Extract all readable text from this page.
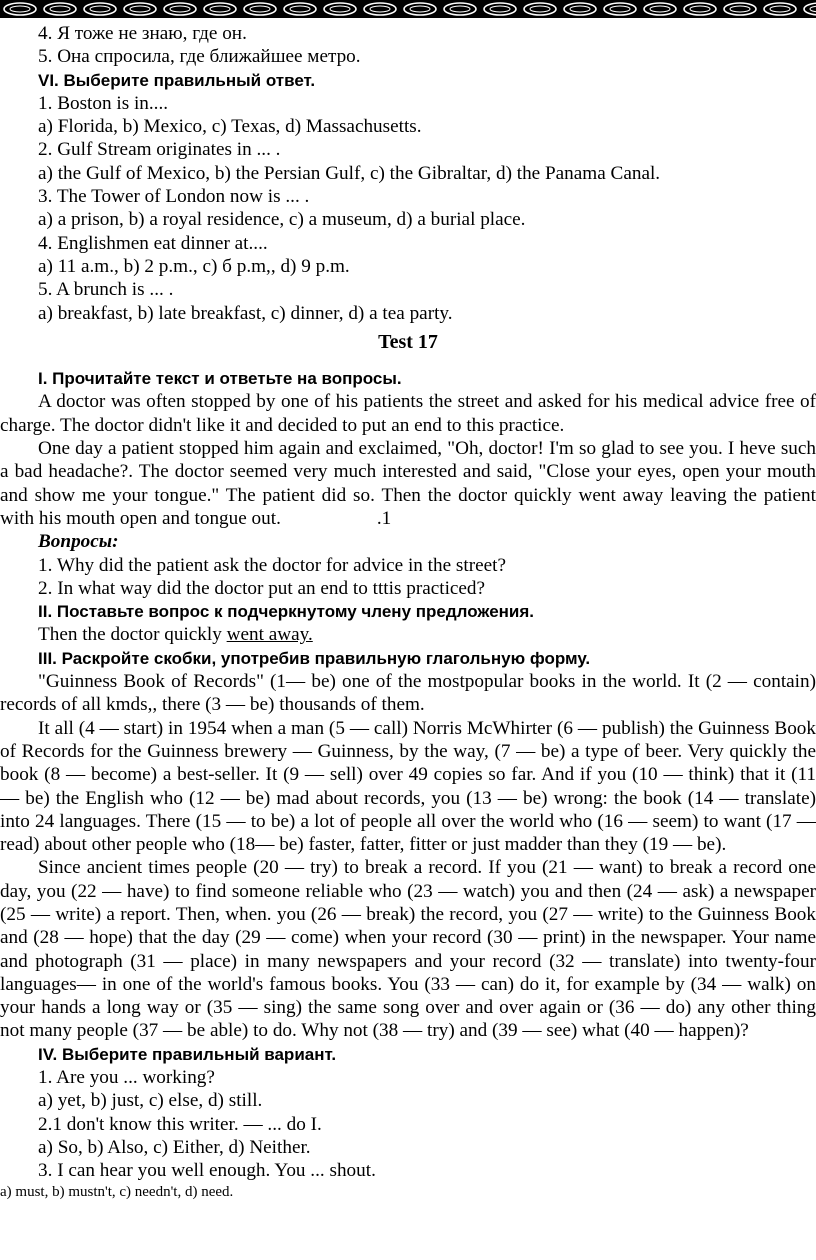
4. Я тоже не знаю, где он.
5. Она спросила, где ближайшее метро.
VI. Выберите правильный ответ.
1. Boston is in....
a) Florida, b) Mexico, c) Texas, d) Massachusetts.
2. Gulf Stream originates in ... .
a) the Gulf of Mexico, b) the Persian Gulf, c) the Gibraltar, d) the Panama Canal.
3. The Tower of London now is ... .
a) a prison, b) a royal residence, c) a museum, d) a burial place.
4. Englishmen eat dinner at....
a) 11 a.m., b) 2 p.m., c) б p.m,, d) 9 p.m.
5. A brunch is ... .
a) breakfast, b) late breakfast, c) dinner, d) a tea party.
Test 17
I. Прочитайте текст и ответьте на вопросы.

A doctor was often stopped by one of his patients the street and asked for his medical advice free of charge. The doctor didn't like it and decided to put an end to this practice.

One day a patient stopped him again and exclaimed, "Oh, doctor! I'm so glad to see you. I heve such a bad headache?. The doctor seemed very much interested and said, "Close your eyes, open your mouth and show me your tongue." The patient did so. Then the doctor quickly went away leaving the patient with his mouth open and tongue out.	.1

Вопросы:
1. Why did the patient ask the doctor for advice in the street?
2. In what way did the doctor put an end to tttis practiced?
II. Поставьте вопрос к подчеркнутому члену предложения.
Then the doctor quickly went away.
III. Раскройте скобки, употребив правильную глагольную форму.

"Guinness Book of Records" (1— be) one of the mostpopular books in the world. It (2 — contain) records of all kmds,, there (3 — be) thousands of them.

It all (4 — start) in 1954 when a man (5 — call) Norris McWhirter (6 — publish) the Guinness Book of Records for the Guinness brewery — Guinness, by the way, (7 — be) a type of beer. Very quickly the book (8 — become) a best-seller. It (9 — sell) over 49 copies so far. And if you (10 — think) that it (11 — be) the English who (12 — be) mad about records, you (13 — be) wrong: the book (14 — translate) into 24 languages. There (15 — to be) a lot of people all over the world who (16 — seem) to want (17 — read) about other people who (18— be) faster, fatter, fitter or just madder than they (19 — be).

Since ancient times people (20 — try) to break a record. If you (21 — want) to break a record one day, you (22 — have) to find someone reliable who (23 — watch) you and then (24 — ask) a newspaper (25 — write) a report. Then, when. you (26 — break) the record, you (27 — write) to the Guinness Book and (28 — hope) that the day (29 — come) when your record (30 — print) in the newspaper. Your name and photograph (31 — place) in many newspapers and your record (32 — translate) into twenty-four languages— in one of the world's famous books. You (33 — can) do it, for example by (34 — walk) on your hands a long way or (35 — sing) the same song over and over again or (36 — do) any other thing not many people (37 — be able) to do. Why not (38 — try) and (39 — see) what (40 — happen)?

IV. Выберите правильный вариант.
1. Are you ... working?
a) yet, b) just, c) else, d) still.
2.1 don't know this writer. — ... do I.
a) So, b) Also, c) Either, d) Neither.
3. I can hear you well enough. You ... shout.
a) must, b) mustn't, c) needn't, d) need.
